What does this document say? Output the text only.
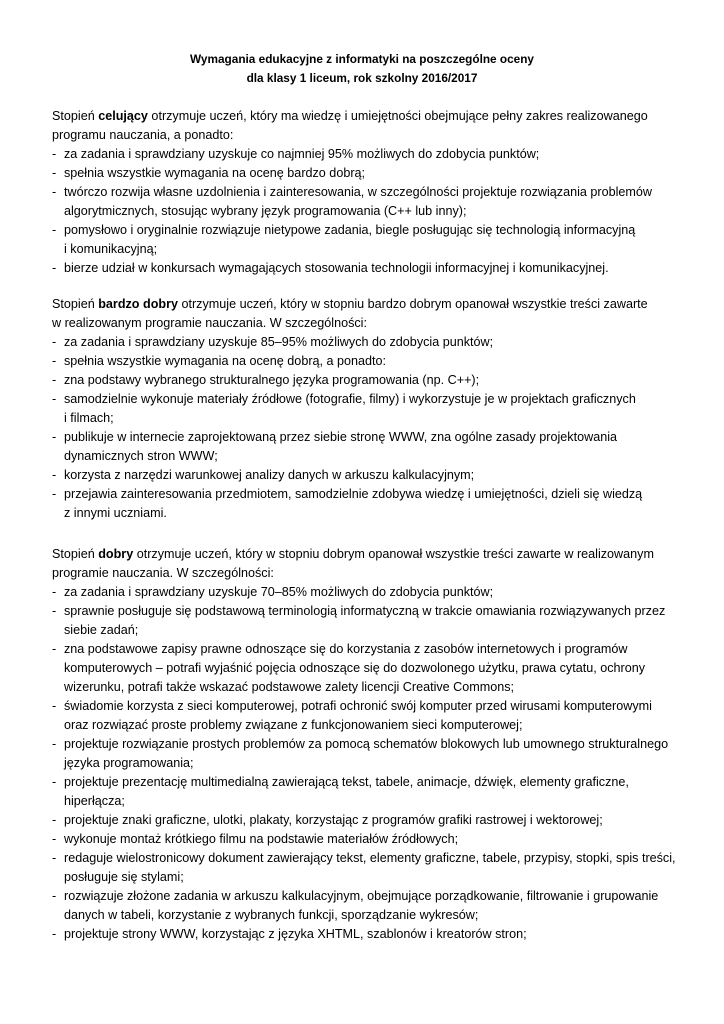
Wymagania edukacyjne z informatyki na poszczególne oceny
dla klasy 1 liceum, rok szkolny 2016/2017
Stopień celujący otrzymuje uczeń, który ma wiedzę i umiejętności obejmujące pełny zakres realizowanego
programu nauczania, a ponadto:
- za zadania i sprawdziany uzyskuje co najmniej 95% możliwych do zdobycia punktów;
- spełnia wszystkie wymagania na ocenę bardzo dobrą;
- twórczo rozwija własne uzdolnienia i zainteresowania, w szczególności projektuje rozwiązania problemów
algorytmicznych, stosując wybrany język programowania (C++ lub inny);
- pomysłowo i oryginalnie rozwiązuje nietypowe zadania, biegle posługując się technologią informacyjną
i komunikacyjną;
- bierze udział w konkursach wymagających stosowania technologii informacyjnej i komunikacyjnej.
Stopień bardzo dobry otrzymuje uczeń, który w stopniu bardzo dobrym opanował wszystkie treści zawarte
w realizowanym programie nauczania. W szczególności:
- za zadania i sprawdziany uzyskuje 85–95% możliwych do zdobycia punktów;
- spełnia wszystkie wymagania na ocenę dobrą, a ponadto:
- zna podstawy wybranego strukturalnego języka programowania (np. C++);
- samodzielnie wykonuje materiały źródłowe (fotografie, filmy) i wykorzystuje je w projektach graficznych
i filmach;
- publikuje w internecie zaprojektowaną przez siebie stronę WWW, zna ogólne zasady projektowania
dynamicznych stron WWW;
- korzysta z narzędzi warunkowej analizy danych w arkuszu kalkulacyjnym;
- przejawia zainteresowania przedmiotem, samodzielnie zdobywa wiedzę i umiejętności, dzieli się wiedzą
z innymi uczniami.
Stopień dobry otrzymuje uczeń, który w stopniu dobrym opanował wszystkie treści zawarte w realizowanym
programie nauczania. W szczególności:
- za zadania i sprawdziany uzyskuje 70–85% możliwych do zdobycia punktów;
- sprawnie posługuje się podstawową terminologią informatyczną w trakcie omawiania rozwiązywanych przez
siebie zadań;
- zna podstawowe zapisy prawne odnoszące się do korzystania z zasobów internetowych i programów
komputerowych – potrafi wyjaśnić pojęcia odnoszące się do dozwolonego użytku, prawa cytatu, ochrony
wizerunku, potrafi także wskazać podstawowe zalety licencji Creative Commons;
- świadomie korzysta z sieci komputerowej, potrafi ochronić swój komputer przed wirusami komputerowymi
oraz rozwiązać proste problemy związane z funkcjonowaniem sieci komputerowej;
- projektuje rozwiązanie prostych problemów za pomocą schematów blokowych lub umownego strukturalnego
języka programowania;
- projektuje prezentację multimedialną zawierającą tekst, tabele, animacje, dźwięk, elementy graficzne,
hiperłącza;
- projektuje znaki graficzne, ulotki, plakaty, korzystając z programów grafiki rastrowej i wektorowej;
- wykonuje montaż krótkiego filmu na podstawie materiałów źródłowych;
- redaguje wielostronicowy dokument zawierający tekst, elementy graficzne, tabele, przypisy, stopki, spis treści,
posługuje się stylami;
- rozwiązuje złożone zadania w arkuszu kalkulacyjnym, obejmujące porządkowanie, filtrowanie i grupowanie
danych w tabeli, korzystanie z wybranych funkcji, sporządzanie wykresów;
- projektuje strony WWW, korzystając z języka XHTML, szablonów i kreatorów stron;
